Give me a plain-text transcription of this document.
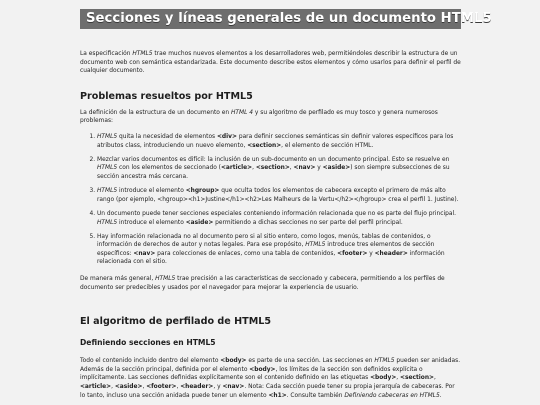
Secciones y líneas generales de un documento HTML5

La especificación HTML5 trae muchos nuevos elementos a los desarrolladores web, permitiéndoles describir la estructura de un documento web con semántica estandarizada. Este documento describe estos elementos y cómo usarlos para definir el perfil de cualquier documento.

Problemas resueltos por HTML5

La definición de la estructura de un documento en HTML 4 y su algoritmo de perfilado es muy tosco y genera numerosos problemas:

1. HTML5 quita la necesidad de elementos <div> para definir secciones semánticas sin definir valores específicos para los atributos class, introduciendo un nuevo elemento, <section>, el elemento de sección HTML.
2. Mezclar varios documentos es difícil: la inclusión de un sub-documento en un documento principal. Esto se resuelve en HTML5 con los elementos de seccionado (<article>, <section>, <nav> y <aside>) son siempre subsecciones de su sección ancestra más cercana.
3. HTML5 introduce el elemento <hgroup> que oculta todos los elementos de cabecera excepto el primero de más alto rango (por ejemplo, <hgroup><h1>Justine</h1><h2>Les Malheurs de la Vertu</h2></hgroup> crea el perfil 1. Justine).
4. Un documento puede tener secciones especiales conteniendo información relacionada que no es parte del flujo principal. HTML5 introduce el elemento <aside> permitiendo a dichas secciones no ser parte del perfil principal.
5. Hay información relacionada no al documento pero si al sitio entero, como logos, menús, tablas de contenidos, o información de derechos de autor y notas legales. Para ese propósito, HTML5 introduce tres elementos de sección específicos: <nav> para colecciones de enlaces, como una tabla de contenidos, <footer> y <header> información relacionada con el sitio.

De manera más general, HTML5 trae precisión a las características de seccionado y cabecera, permitiendo a los perfiles de documento ser predecibles y usados por el navegador para mejorar la experiencia de usuario.

El algoritmo de perfilado de HTML5
Definiendo secciones en HTML5

Todo el contenido incluido dentro del elemento <body> es parte de una sección. Las secciones en HTML5 pueden ser anidadas. Además de la sección principal, definida por el elemento <body>, los límites de la sección son definidos explícita o implícitamente. Las secciones definidas explícitamente son el contenido definido en las etiquetas <body>, <section>, <article>, <aside>, <footer>, <header>, y <nav>. Nota: Cada sección puede tener su propia jerarquía de cabeceras. Por lo tanto, incluso una sección anidada puede tener un elemento <h1>. Consulte también Definiendo cabeceras en HTML5.
